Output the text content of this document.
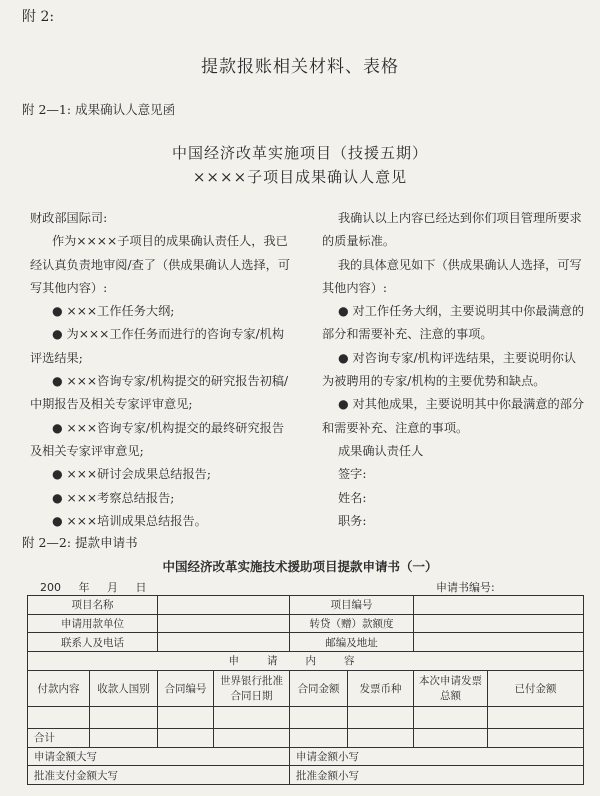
附 2:
提款报账相关材料、表格
附 2—1: 成果确认人意见函
中国经济改革实施项目（技援五期）
××××子项目成果确认人意见

财政部国际司:

作为××××子项目的成果确认责任人，我已

经认真负责地审阅/查了（供成果确认人选择，可

写其他内容）:

● ×××工作任务大纲;

● 为×××工作任务而进行的咨询专家/机构

评选结果;

● ×××咨询专家/机构提交的研究报告初稿/

中期报告及相关专家评审意见;

● ×××咨询专家/机构提交的最终研究报告

及相关专家评审意见;

● ×××研讨会成果总结报告;

● ×××考察总结报告;

● ×××培训成果总结报告。

我确认以上内容已经达到你们项目管理所要求

的质量标准。

我的具体意见如下（供成果确认人选择，可写

其他内容）:

● 对工作任务大纲，主要说明其中你最满意的

部分和需要补充、注意的事项。

● 对咨询专家/机构评选结果，主要说明你认

为被聘用的专家/机构的主要优势和缺点。

● 对其他成果，主要说明其中你最满意的部分

和需要补充、注意的事项。

成果确认责任人

签字:

姓名:

职务:

附 2—2: 提款申请书
中国经济改革实施技术援助项目提款申请书（一）
200 年 月 日	申请书编号:
项目名称				项目编号			
申请用款单位				转贷（赠）款额度			
联系人及电话				邮编及地址			
申请内容							
付款内容	收款人国别	合同编号	世界银行批准合同日期	合同金额	发票币种	本次申请发票总额	已付金额

合计							
申请金额大写				申请金额小写			
批准支付金额大写				批准金额小写			
